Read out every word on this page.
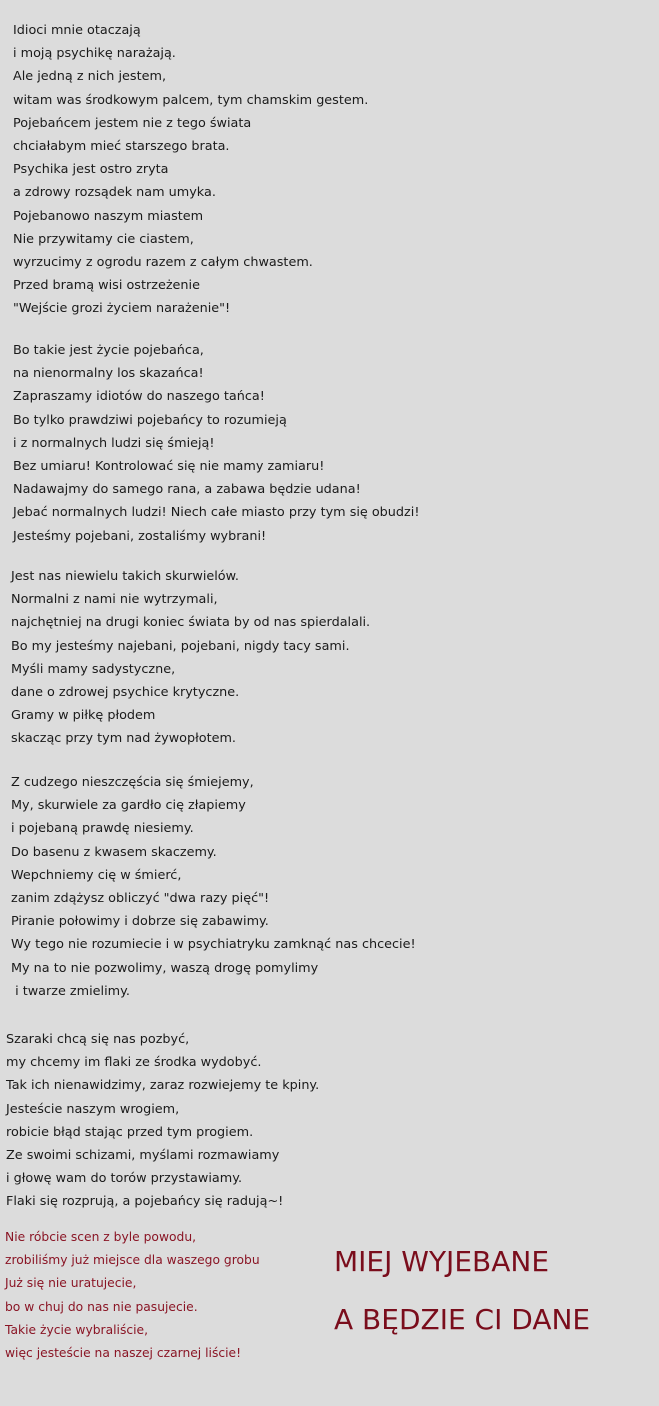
Idioci mnie otaczają
i moją psychikę narażają.
Ale jedną z nich jestem,
witam was środkowym palcem, tym chamskim gestem.
Pojebańcem jestem nie z tego świata
chciałabym mieć starszego brata.
Psychika jest ostro zryta
a zdrowy rozsądek nam umyka.
Pojebanowo naszym miastem
Nie przywitamy cie ciastem,
wyrzucimy z ogrodu razem z całym chwastem.
Przed bramą wisi ostrzeżenie
"Wejście grozi życiem narażenie"!
Bo takie jest życie pojebańca,
na nienormalny los skazańca!
Zapraszamy idiotów do naszego tańca!
Bo tylko prawdziwi pojebańcy to rozumieją
i z normalnych ludzi się śmieją!
Bez umiaru! Kontrolować się nie mamy zamiaru!
Nadawajmy do samego rana, a zabawa będzie udana!
Jebać normalnych ludzi! Niech całe miasto przy tym się obudzi!
Jesteśmy pojebani, zostaliśmy wybrani!
Jest nas niewielu takich skurwielów.
Normalni z nami nie wytrzymali,
najchętniej na drugi koniec świata by od nas spierdalali.
Bo my jesteśmy najebani, pojebani, nigdy tacy sami.
Myśli mamy sadystyczne,
dane o zdrowej psychice krytyczne.
Gramy w piłkę płodem
skacząc przy tym nad żywopłotem.
Z cudzego nieszczęścia się śmiejemy,
My, skurwiele za gardło cię złapiemy
i pojebaną prawdę niesiemy.
Do basenu z kwasem skaczemy.
Wepchniemy cię w śmierć,
zanim zdążysz obliczyć "dwa razy pięć"!
Piranie połowimy i dobrze się zabawimy.
Wy tego nie rozumiecie i w psychiatryku zamknąć nas chcecie!
My na to nie pozwolimy, waszą drogę pomylimy
i twarze zmielimy.
Szaraki chcą się nas pozbyć,
my chcemy im flaki ze środka wydobyć.
Tak ich nienawidzimy, zaraz rozwiejemy te kpiny.
Jesteście naszym wrogiem,
robicie błąd stając przed tym progiem.
Ze swoimi schizami, myślami rozmawiamy
i głowę wam do torów przystawiamy.
Flaki się rozprują, a pojebańcy się radują~!
Nie róbcie scen z byle powodu,
zrobiliśmy już miejsce dla waszego grobu
Już się nie uratujecie,
bo w chuj do nas nie pasujecie.
Takie życie wybraliście,
więc jesteście na naszej czarnej liście!

MIEJ WYJEBANE

A BĘDZIE CI DANE
